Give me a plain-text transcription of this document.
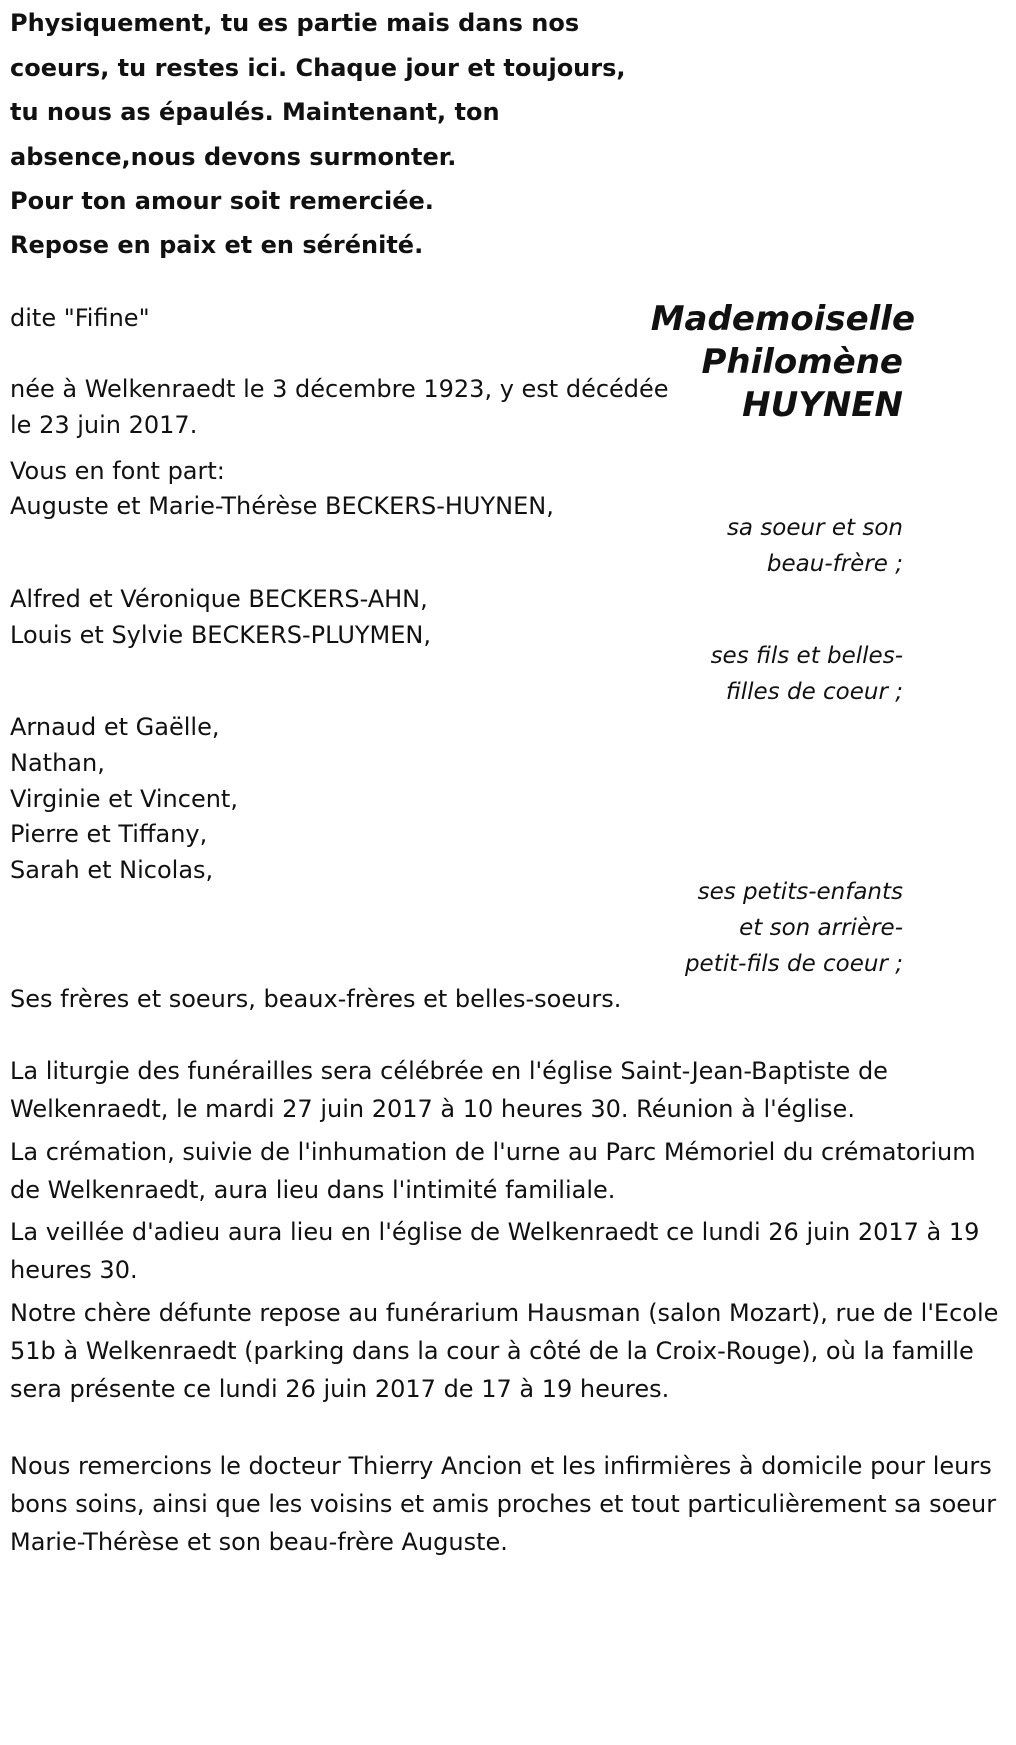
Physiquement, tu es partie mais dans nos
coeurs, tu restes ici. Chaque jour et toujours,
tu nous as épaulés. Maintenant, ton
absence,nous devons surmonter.
Pour ton amour soit remerciée.
Repose en paix et en sérénité.
Mademoiselle
Philomène
HUYNEN
dite "Fifine"
née à Welkenraedt le 3 décembre 1923, y est décédée
le 23 juin 2017.
Vous en font part:
Auguste et Marie-Thérèse BECKERS-HUYNEN,
sa soeur et son
beau-frère ;
Alfred et Véronique BECKERS-AHN,
Louis et Sylvie BECKERS-PLUYMEN,
ses fils et belles-
filles de coeur ;
Arnaud et Gaëlle,
Nathan,
Virginie et Vincent,
Pierre et Tiffany,
Sarah et Nicolas,
ses petits-enfants
et son arrière-
petit-fils de coeur ;
Ses frères et soeurs, beaux-frères et belles-soeurs.
La liturgie des funérailles sera célébrée en l'église Saint-Jean-Baptiste de Welkenraedt, le mardi 27 juin 2017 à 10 heures 30. Réunion à l'église.
La crémation, suivie de l'inhumation de l'urne au Parc Mémoriel du crématorium de Welkenraedt, aura lieu dans l'intimité familiale.
La veillée d'adieu aura lieu en l'église de Welkenraedt ce lundi 26 juin 2017 à 19 heures 30.
Notre chère défunte repose au funérarium Hausman (salon Mozart), rue de l'Ecole 51b à Welkenraedt (parking dans la cour à côté de la Croix-Rouge), où la famille sera présente ce lundi 26 juin 2017 de 17 à 19 heures.
Nous remercions le docteur Thierry Ancion et les infirmières à domicile pour leurs bons soins, ainsi que les voisins et amis proches et tout particulièrement sa soeur Marie-Thérèse et son beau-frère Auguste.
